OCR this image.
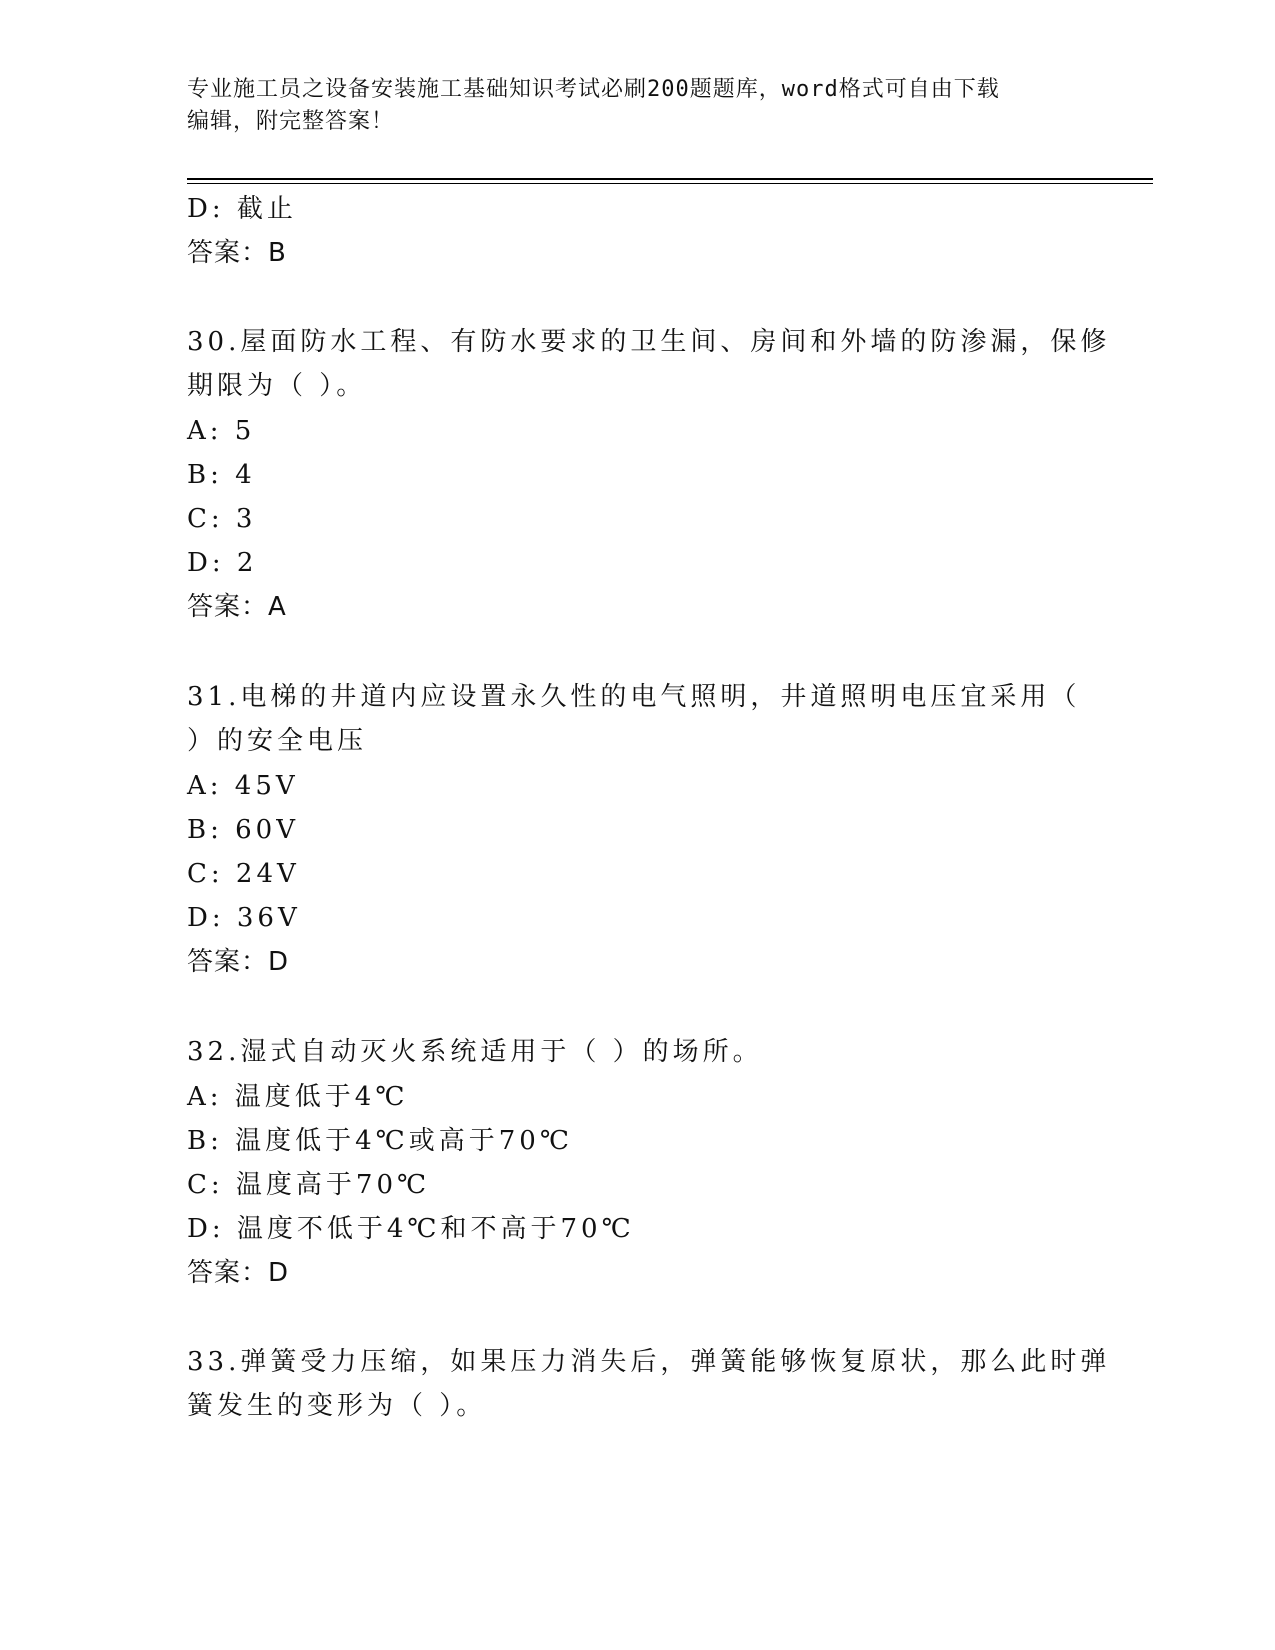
专业施工员之设备安装施工基础知识考试必刷200题题库，word格式可自由下载
编辑，附完整答案！
D: 截止
答案：B
30.屋面防水工程、有防水要求的卫生间、房间和外墙的防渗漏，保修
期限为（ ）。
A: 5
B: 4
C: 3
D: 2
答案：A
31.电梯的井道内应设置永久性的电气照明，井道照明电压宜采用（
）的安全电压
A: 45V
B: 60V
C: 24V
D: 36V
答案：D
32.湿式自动灭火系统适用于（ ）的场所。
A: 温度低于4℃
B: 温度低于4℃或高于70℃
C: 温度高于70℃
D: 温度不低于4℃和不高于70℃
答案：D
33.弹簧受力压缩，如果压力消失后，弹簧能够恢复原状，那么此时弹
簧发生的变形为（ ）。
